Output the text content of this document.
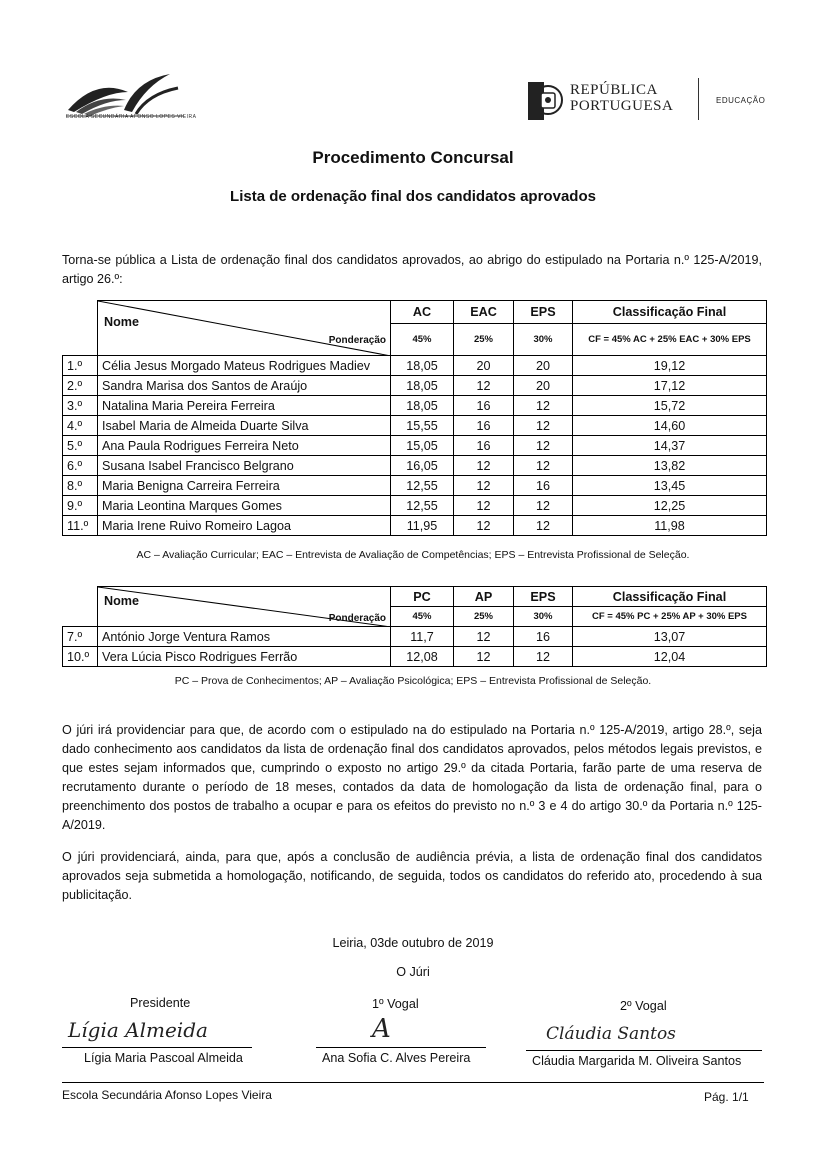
ESCOLA SECUNDÁRIA AFONSO LOPES VIEIRA
REPÚBLICA
PORTUGUESA	EDUCAÇÃO
Procedimento Concursal
Lista de ordenação final dos candidatos aprovados
Torna-se pública a Lista de ordenação final dos candidatos aprovados, ao abrigo do estipulado na Portaria n.º 125-A/2019, artigo 26.º:

	Nome
Ponderação	AC	EAC	EPS	Classificação Final
		45%	25%	30%	CF = 45% AC + 25% EAC + 30% EPS
1.º	Célia Jesus Morgado Mateus Rodrigues Madiev	18,05	20	20	19,12
2.º	Sandra Marisa dos Santos de Araújo	18,05	12	20	17,12
3.º	Natalina Maria Pereira Ferreira	18,05	16	12	15,72
4.º	Isabel Maria de Almeida Duarte Silva	15,55	16	12	14,60
5.º	Ana Paula Rodrigues Ferreira Neto	15,05	16	12	14,37
6.º	Susana Isabel Francisco Belgrano	16,05	12	12	13,82
8.º	Maria Benigna Carreira Ferreira	12,55	12	16	13,45
9.º	Maria Leontina Marques Gomes	12,55	12	12	12,25
11.º	Maria Irene Ruivo Romeiro Lagoa	11,95	12	12	11,98
AC – Avaliação Curricular; EAC – Entrevista de Avaliação de Competências; EPS – Entrevista Profissional de Seleção.

	Nome
Ponderação	PC	AP	EPS	Classificação Final
		45%	25%	30%	CF = 45% PC + 25% AP + 30% EPS
7.º	António Jorge Ventura Ramos	11,7	12	16	13,07
10.º	Vera Lúcia Pisco Rodrigues Ferrão	12,08	12	12	12,04
PC – Prova de Conhecimentos; AP – Avaliação Psicológica; EPS – Entrevista Profissional de Seleção.
O júri irá providenciar para que, de acordo com o estipulado na do estipulado na Portaria n.º 125-A/2019, artigo 28.º, seja dado conhecimento aos candidatos da lista de ordenação final dos candidatos aprovados, pelos métodos legais previstos, e que estes sejam informados que, cumprindo o exposto no artigo 29.º da citada Portaria, farão parte de uma reserva de recrutamento durante o período de 18 meses, contados da data de homologação da lista de ordenação final, para o preenchimento dos postos de trabalho a ocupar e para os efeitos do previsto no n.º 3 e 4 do artigo 30.º da Portaria n.º 125-A/2019.
O júri providenciará, ainda, para que, após a conclusão de audiência prévia, a lista de ordenação final dos candidatos aprovados seja submetida a homologação, notificando, de seguida, todos os candidatos do referido ato, procedendo à sua publicitação.
Leiria, 03de outubro de 2019
O Júri
Presidente	1º Vogal	2º Vogal
Lígia Almeida	A	Cláudia Santos
Lígia Maria Pascoal Almeida	Ana Sofia C. Alves Pereira	Cláudia Margarida M. Oliveira Santos
Escola Secundária Afonso Lopes Vieira	Pág. 1/1
